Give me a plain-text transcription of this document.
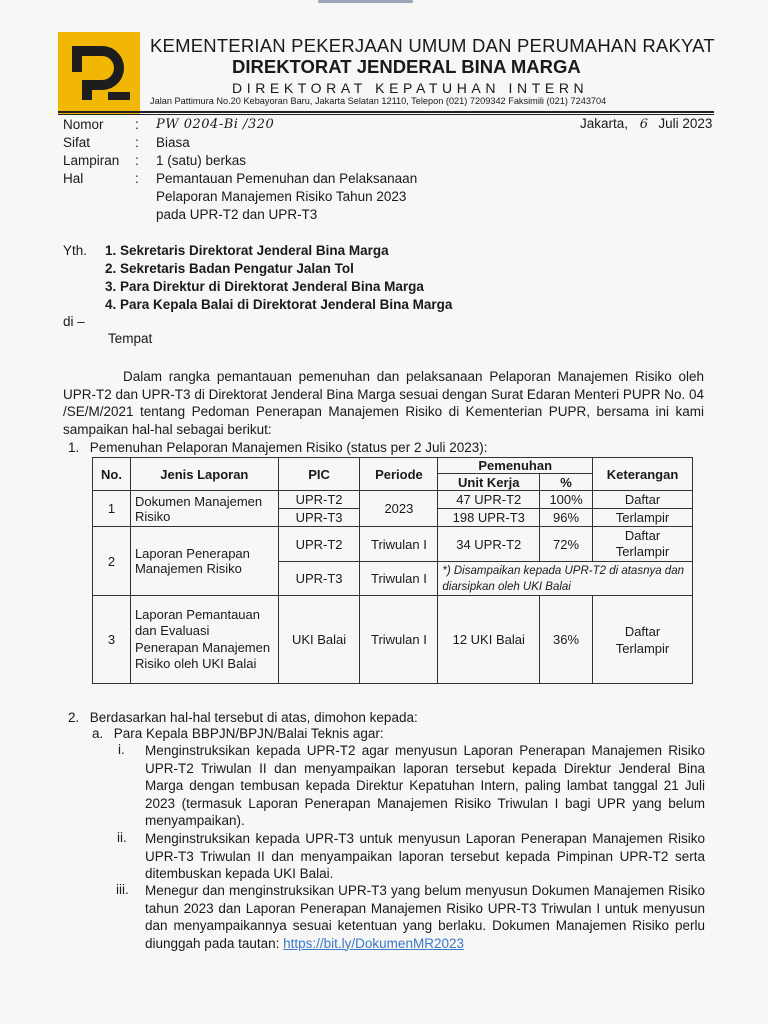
KEMENTERIAN PEKERJAAN UMUM DAN PERUMAHAN RAKYAT
DIREKTORAT JENDERAL BINA MARGA
DIREKTORAT KEPATUHAN INTERN
Jalan Pattimura No.20 Kebayoran Baru, Jakarta Selatan 12110, Telepon (021) 7209342 Faksimili (021) 7243704
Nomor : PW 0204-Bi /320
Sifat	: Biasa
Lampiran : 1 (satu) berkas
Hal	: Pemantauan Pemenuhan dan Pelaksanaan
Pelaporan Manajemen Risiko Tahun 2023
pada UPR-T2 dan UPR-T3
Jakarta, 6 Juli 2023
Yth. 1. Sekretaris Direktorat Jenderal Bina Marga
2. Sekretaris Badan Pengatur Jalan Tol
3. Para Direktur di Direktorat Jenderal Bina Marga
4. Para Kepala Balai di Direktorat Jenderal Bina Marga
di –
Tempat
Dalam rangka pemantauan pemenuhan dan pelaksanaan Pelaporan Manajemen Risiko oleh UPR-T2 dan UPR-T3 di Direktorat Jenderal Bina Marga sesuai dengan Surat Edaran Menteri PUPR No. 04 /SE/M/2021 tentang Pedoman Penerapan Manajemen Risiko di Kementerian PUPR, bersama ini kami sampaikan hal-hal sebagai berikut:
1.  Pemenuhan Pelaporan Manajemen Risiko (status per 2 Juli 2023):
No.	Jenis Laporan	PIC	Periode	Pemenuhan		Keterangan
				Unit Kerja	%	
1	Dokumen Manajemen Risiko	UPR-T2	2023	47 UPR-T2	100%	Daftar
		UPR-T3		198 UPR-T3	96%	Terlampir
2	Laporan Penerapan Manajemen Risiko	UPR-T2	Triwulan I	34 UPR-T2	72%	Daftar Terlampir
		UPR-T3	Triwulan I	*) Disampaikan kepada UPR-T2 di atasnya dan diarsipkan oleh UKI Balai		
3	Laporan Pemantauan dan Evaluasi Penerapan Manajemen Risiko oleh UKI Balai	UKI Balai	Triwulan I	12 UKI Balai	36%	Daftar Terlampir
2.  Berdasarkan hal-hal tersebut di atas, dimohon kepada:
a.  Para Kepala BBPJN/BPJN/Balai Teknis agar:
i. Menginstruksikan kepada UPR-T2 agar menyusun Laporan Penerapan Manajemen Risiko UPR-T2 Triwulan II dan menyampaikan laporan tersebut kepada Direktur Jenderal Bina Marga dengan tembusan kepada Direktur Kepatuhan Intern, paling lambat tanggal 21 Juli 2023 (termasuk Laporan Penerapan Manajemen Risiko Triwulan I bagi UPR yang belum menyampaikan).
ii. Menginstruksikan kepada UPR-T3 untuk menyusun Laporan Penerapan Manajemen Risiko UPR-T3 Triwulan II dan menyampaikan laporan tersebut kepada Pimpinan UPR-T2 serta ditembuskan kepada UKI Balai.
iii. Menegur dan menginstruksikan UPR-T3 yang belum menyusun Dokumen Manajemen Risiko tahun 2023 dan Laporan Penerapan Manajemen Risiko UPR-T3 Triwulan I untuk menyusun dan menyampaikannya sesuai ketentuan yang berlaku. Dokumen Manajemen Risiko perlu diunggah pada tautan: https://bit.ly/DokumenMR2023
